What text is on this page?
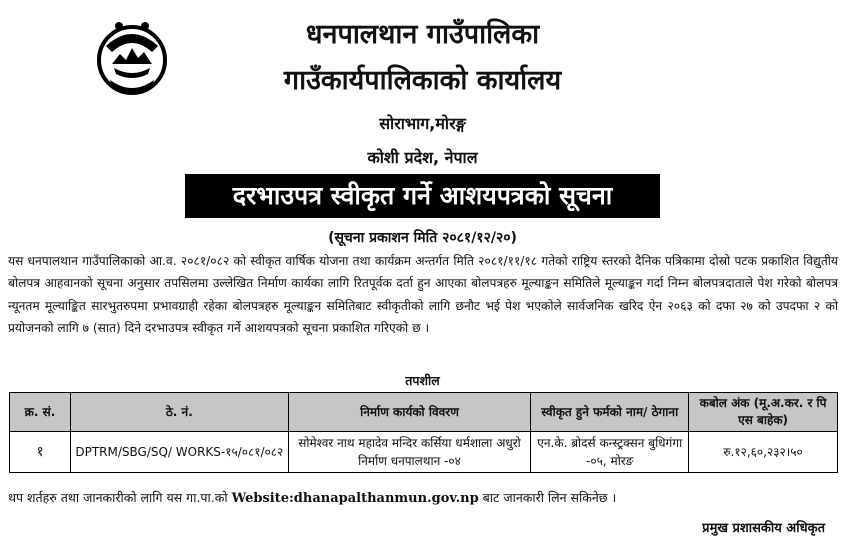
धनपालथान गाउँपालिका
गाउँकार्यपालिकाको कार्यालय
सोराभाग,मोरङ्ग
कोशी प्रदेश, नेपाल
दरभाउपत्र स्वीकृत गर्ने आशयपत्रको सूचना
(सूचना प्रकाशन मिति २०८१/१२/२०)
यस धनपालथान गाउँपालिकाको आ.व. २०८१/०८२ को स्वीकृत वार्षिक योजना तथा कार्यक्रम अन्तर्गत मिति २०८१/११/१८ गतेको राष्ट्रिय स्तरको दैनिक पत्रिकामा दोस्रो पटक प्रकाशित विद्युतीय बोलपत्र आहवानको सूचना अनुसार तपसिलमा उल्लेखित निर्माण कार्यका लागि रितपूर्वक दर्ता हुन आएका बोलपत्रहरु मूल्याङ्कन समितिले मूल्याङ्कन गर्दा निम्न बोलपत्रदाताले पेश गरेको बोलपत्र न्यूनतम मूल्याङ्कित सारभुतरुपमा प्रभावग्राही रहेका बोलपत्रहरु मूल्याङ्कन समितिबाट स्वीकृतीको लागि छनौट भई पेश भएकोले सार्वजनिक खरिद ऐन २०६३ को दफा २७ को उपदफा २ को प्रयोजनको लागि ७ (सात) दिने दरभाउपत्र स्वीकृत गर्ने आशयपत्रको सूचना प्रकाशित गरिएको छ ।
तपशील
क्र. सं.	ठे. नं.	निर्माण कार्यको विवरण	स्वीकृत हुने फर्मको नाम/ ठेगाना	कबोल अंक (मू.अ.कर. र पि एस बाहेक)
१	DPTRM/SBG/SQ/ WORKS-१५/०८१/०८२	सोमेश्वर नाथ महादेव मन्दिर कर्सिया धर्मशाला अधुरो निर्माण धनपालथान -०४	एन.के. ब्रोदर्स कन्स्ट्रक्सन बुधिगंगा -०५, मोरङ	रु.१२,६०,२३२।५०
थप शर्तहरु तथा जानकारीको लागि यस गा.पा.को Website:dhanapalthanmun.gov.np बाट जानकारी लिन सकिनेछ ।
प्रमुख प्रशासकीय अधिकृत
